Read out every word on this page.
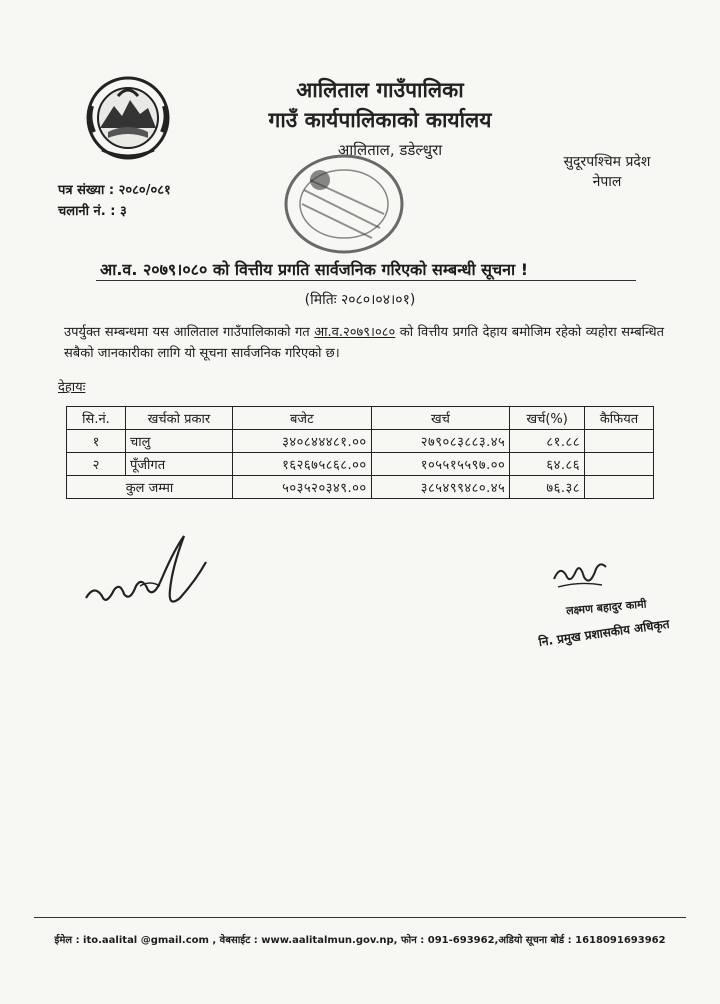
आलिताल गाउँपालिका
गाउँ कार्यपालिकाको कार्यालय
आलिताल, डडेल्धुरा
सुदूरपश्चिम प्रदेश
नेपाल
पत्र संख्या : २०८०/०८१
चलानी नं. : ३
आ.व. २०७९।०८० को वित्तीय प्रगति सार्वजनिक गरिएको सम्बन्धी सूचना !
(मितिः २०८०।०४।०१)
उपर्युक्त सम्बन्धमा यस आलिताल गाउँपालिकाको गत आ.व.२०७९।०८० को वित्तीय प्रगति देहाय बमोजिम रहेको व्यहोरा सम्बन्धित सबैको जानकारीका लागि यो सूचना सार्वजनिक गरिएको छ।
देहायः
सि.नं.	खर्चको प्रकार	बजेट	खर्च	खर्च(%)	कैफियत
१	चालु	३४०८४४४८१.००	२७९०८३८८३.४५	८१.८८	
२	पूँजीगत	१६२६७५८६८.००	१०५५१५५९७.००	६४.८६	
कुल जम्मा		५०३५२०३४९.००	३८५४९९४८०.४५	७६.३८	
लक्ष्मण बहादुर कामी
नि. प्रमुख प्रशासकीय अधिकृत
ईमेल : ito.aalital @gmail.com , वेबसाईट : www.aalitalmun.gov.np, फोन : 091-693962,अडियो सूचना बोर्ड : 1618091693962
